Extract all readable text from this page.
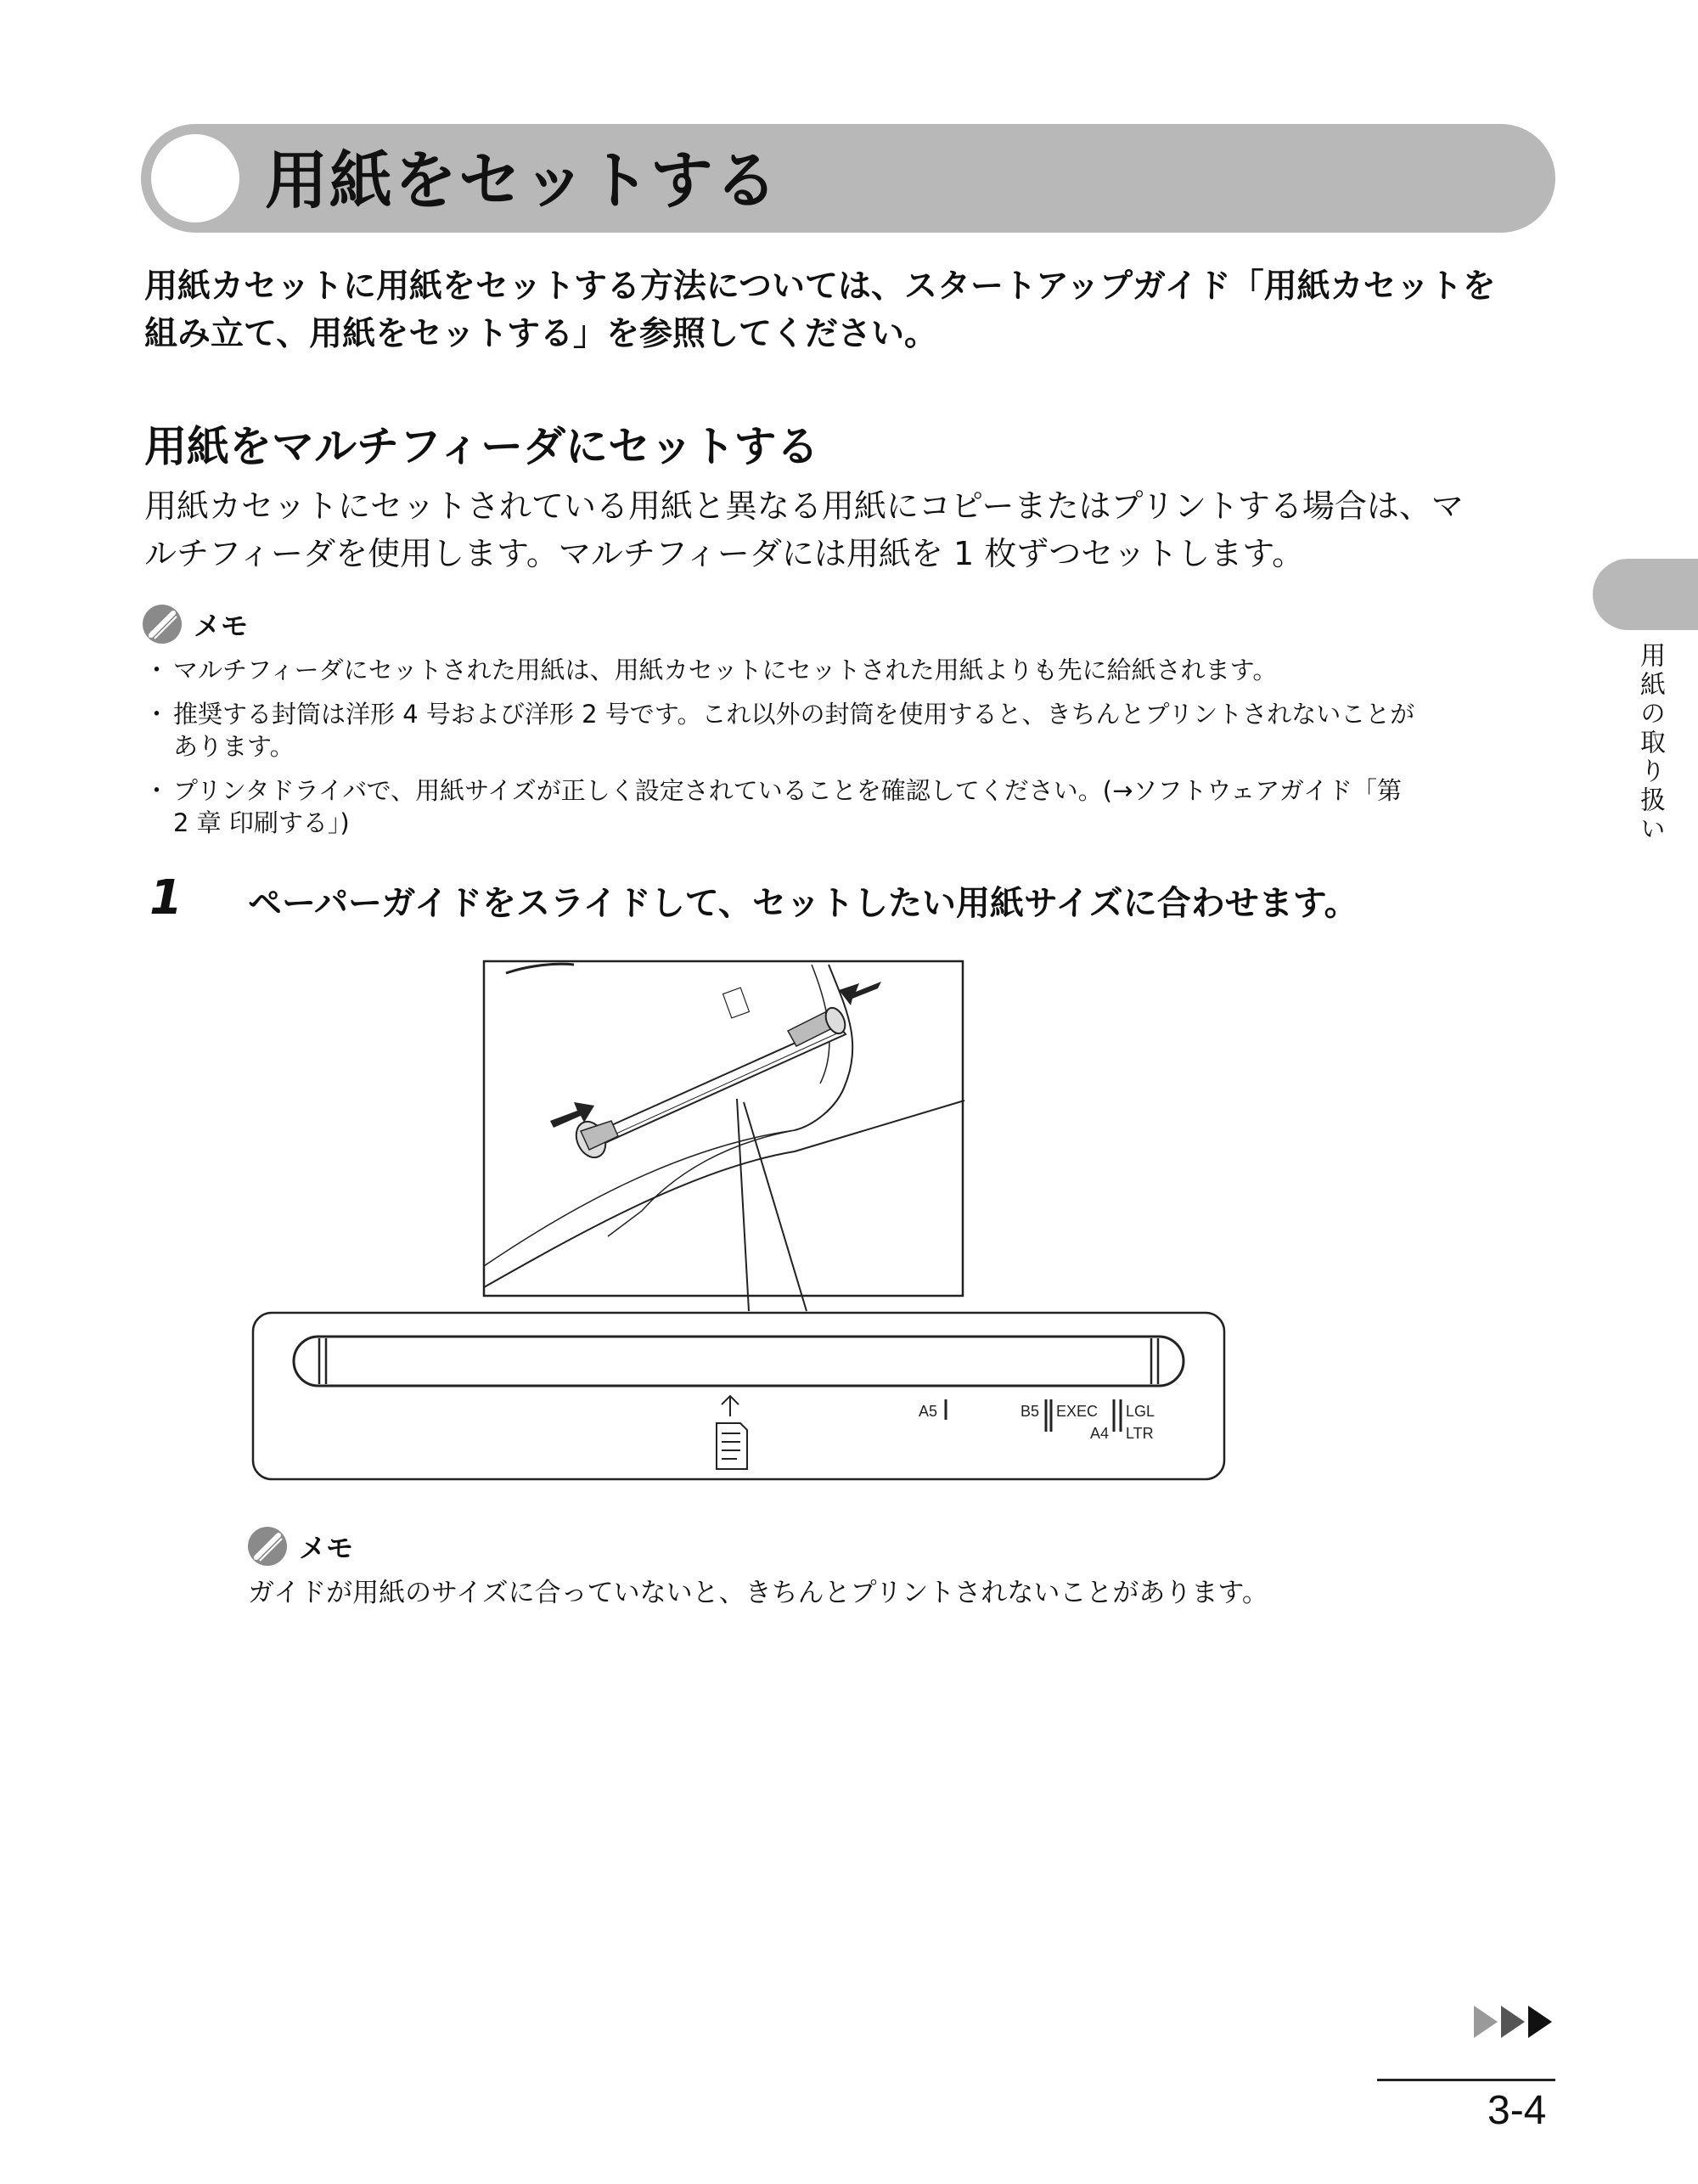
用紙をセットする

用紙カセットに用紙をセットする方法については、スタートアップガイド「用紙カセットを

組み立て、用紙をセットする」を参照してください。

用紙をマルチフィーダにセットする

用紙カセットにセットされている用紙と異なる用紙にコピーまたはプリントする場合は、マ

ルチフィーダを使用します。マルチフィーダには用紙を 1 枚ずつセットします。

メモ
・ マルチフィーダにセットされた用紙は、用紙カセットにセットされた用紙よりも先に給紙されます。

・ 推奨する封筒は洋形 4 号および洋形 2 号です。これ以外の封筒を使用すると、きちんとプリントされないことが

あります。

・ プリンタドライバで、用紙サイズが正しく設定されていることを確認してください。(→ソフトウェアガイド「第

2 章 印刷する」)

1 ペーパーガイドをスライドして、セットしたい用紙サイズに合わせます。
A5	B5 EXEC
A4
LGL
LTR
メモ
ガイドが用紙のサイズに合っていないと、きちんとプリントされないことがあります。
用紙の取り扱い
3-4
